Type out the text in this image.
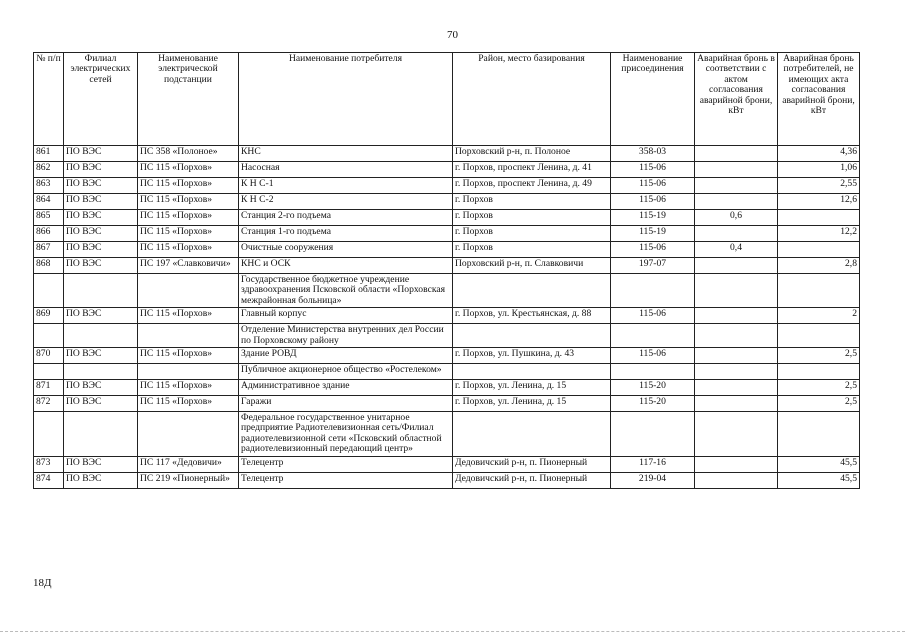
70
№ п/п	Филиал электрических сетей	Наименование электрической подстанции	Наименование потребителя	Район, место базирования	Наименование присоединения	Аварийная бронь в соответствии с актом согласования аварийной брони, кВт	Аварийная бронь потребителей, не имеющих акта согласования аварийной брони, кВт
861	ПО ВЭС	ПС 358 «Полоное»	КНС	Порховский р-н, п. Полоное	358-03		4,36
862	ПО ВЭС	ПС 115 «Порхов»	Насосная	г. Порхов, проспект Ленина, д. 41	115-06		1,06
863	ПО ВЭС	ПС 115 «Порхов»	К Н С-1	г. Порхов, проспект Ленина, д. 49	115-06		2,55
864	ПО ВЭС	ПС 115 «Порхов»	К Н С-2	г. Порхов	115-06		12,6
865	ПО ВЭС	ПС 115 «Порхов»	Станция 2-го подъема	г. Порхов	115-19	0,6	
866	ПО ВЭС	ПС 115 «Порхов»	Станция 1-го подъема	г. Порхов	115-19		12,2
867	ПО ВЭС	ПС 115 «Порхов»	Очистные сооружения	г. Порхов	115-06	0,4	
868	ПО ВЭС	ПС 197 «Славковичи»	КНС и ОСК	Порховский р-н, п. Славковичи	197-07		2,8
			Государственное бюджетное учреждение здравоохранения Псковской области «Порховская межрайонная больница»				
869	ПО ВЭС	ПС 115 «Порхов»	Главный корпус	г. Порхов, ул. Крестьянская, д. 88	115-06		2
			Отделение Министерства внутренних дел России по Порховскому району				
870	ПО ВЭС	ПС 115 «Порхов»	Здание РОВД	г. Порхов, ул. Пушкина, д. 43	115-06		2,5
			Публичное акционерное общество «Ростелеком»				
871	ПО ВЭС	ПС 115 «Порхов»	Административное здание	г. Порхов, ул. Ленина, д. 15	115-20		2,5
872	ПО ВЭС	ПС 115 «Порхов»	Гаражи	г. Порхов, ул. Ленина, д. 15	115-20		2,5
			Федеральное государственное унитарное предприятие Радиотелевизионная сеть/Филиал радиотелевизионной сети «Псковский областной радиотелевизионный передающий центр»				
873	ПО ВЭС	ПС 117 «Дедовичи»	Телецентр	Дедовичский р-н, п. Пионерный	117-16		45,5
874	ПО ВЭС	ПС 219 «Пионерный»	Телецентр	Дедовичский р-н, п. Пионерный	219-04		45,5
18Д
